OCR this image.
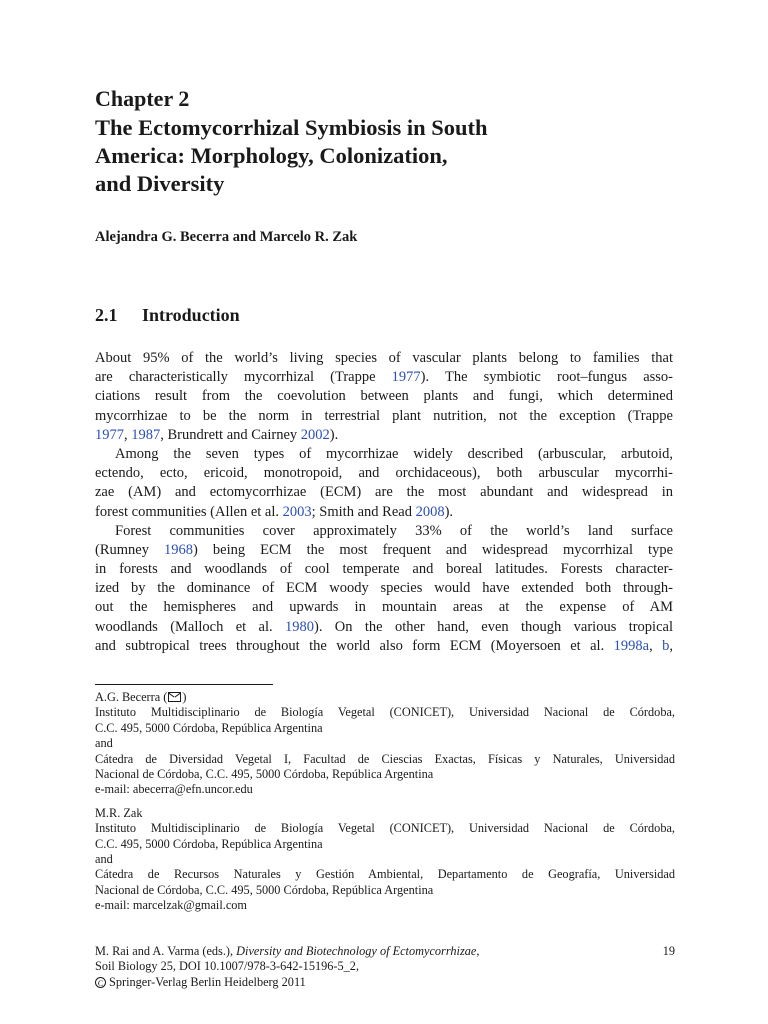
Chapter 2
The Ectomycorrhizal Symbiosis in South
America: Morphology, Colonization,
and Diversity
Alejandra G. Becerra and Marcelo R. Zak
2.1 Introduction
About 95% of the world’s living species of vascular plants belong to families that
are characteristically mycorrhizal (Trappe 1977). The symbiotic root–fungus asso-
ciations result from the coevolution between plants and fungi, which determined
mycorrhizae to be the norm in terrestrial plant nutrition, not the exception (Trappe
1977, 1987, Brundrett and Cairney 2002).
Among the seven types of mycorrhizae widely described (arbuscular, arbutoid,
ectendo, ecto, ericoid, monotropoid, and orchidaceous), both arbuscular mycorrhi-
zae (AM) and ectomycorrhizae (ECM) are the most abundant and widespread in
forest communities (Allen et al. 2003; Smith and Read 2008).
Forest communities cover approximately 33% of the world’s land surface
(Rumney 1968) being ECM the most frequent and widespread mycorrhizal type
in forests and woodlands of cool temperate and boreal latitudes. Forests character-
ized by the dominance of ECM woody species would have extended both through-
out the hemispheres and upwards in mountain areas at the expense of AM
woodlands (Malloch et al. 1980). On the other hand, even though various tropical
and subtropical trees throughout the world also form ECM (Moyersoen et al. 1998a, b,
A.G. Becerra ( )
Instituto Multidisciplinario de Biología Vegetal (CONICET), Universidad Nacional de Córdoba,
C.C. 495, 5000 Córdoba, República Argentina
and
Cátedra de Diversidad Vegetal I, Facultad de Ciescias Exactas, Físicas y Naturales, Universidad
Nacional de Córdoba, C.C. 495, 5000 Córdoba, República Argentina
e-mail: abecerra@efn.uncor.edu
M.R. Zak
Instituto Multidisciplinario de Biología Vegetal (CONICET), Universidad Nacional de Córdoba,
C.C. 495, 5000 Córdoba, República Argentina
and
Cátedra de Recursos Naturales y Gestión Ambiental, Departamento de Geografía, Universidad
Nacional de Córdoba, C.C. 495, 5000 Córdoba, República Argentina
e-mail: marcelzak@gmail.com
M. Rai and A. Varma (eds.), Diversity and Biotechnology of Ectomycorrhizae,	19
Soil Biology 25, DOI 10.1007/978-3-642-15196-5_2,
C Springer-Verlag Berlin Heidelberg 2011
